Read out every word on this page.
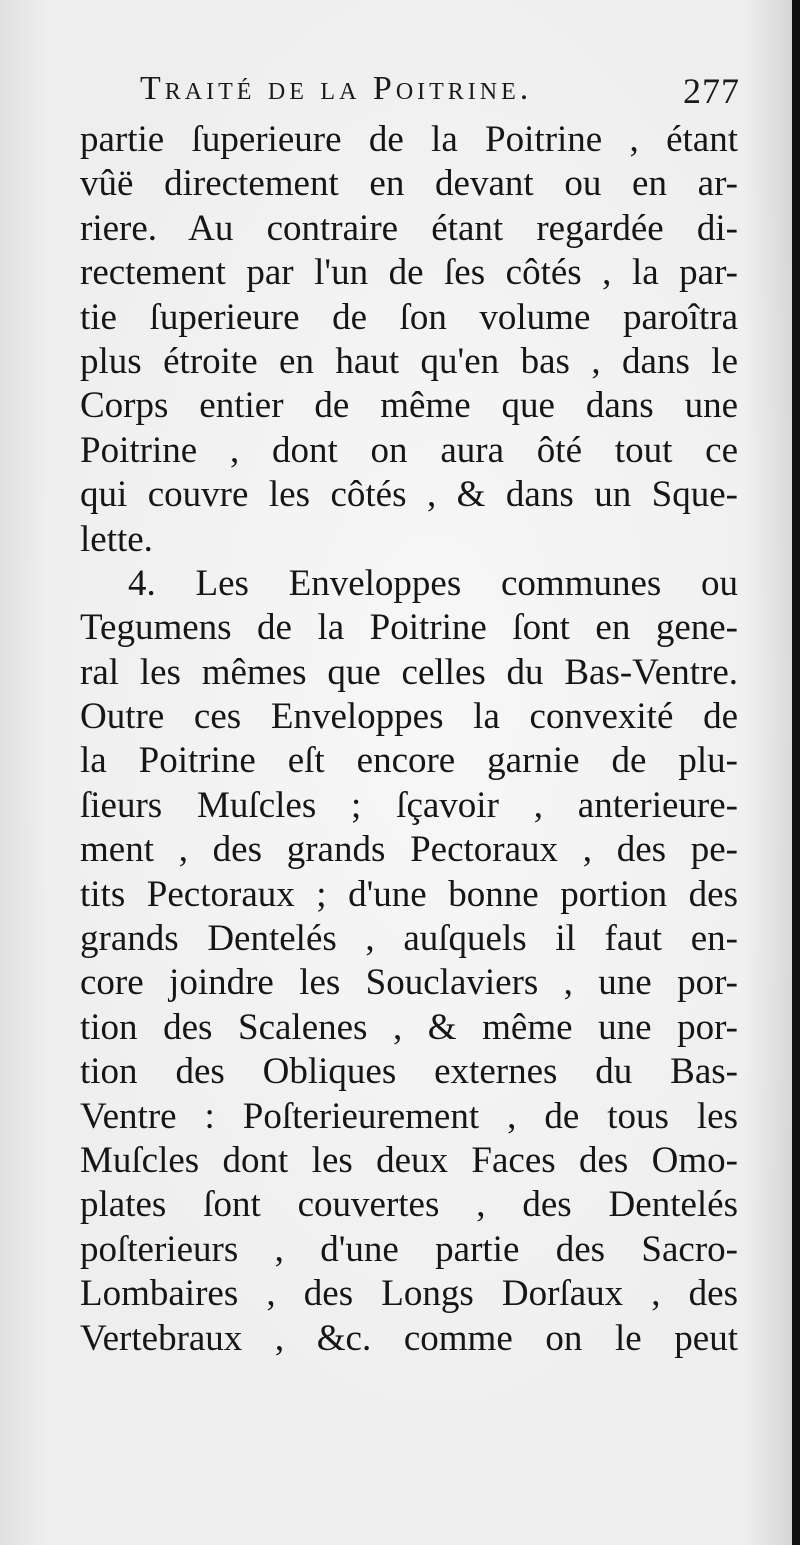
Traité de la Poitrine.	277
partie ſuperieure de la Poitrine , étant
vûë directement en devant ou en ar-
riere. Au contraire étant regardée di-
rectement par l'un de ſes côtés , la par-
tie ſuperieure de ſon volume paroîtra
plus étroite en haut qu'en bas , dans le
Corps entier de même que dans une
Poitrine , dont on aura ôté tout ce
qui couvre les côtés , & dans un Sque-
lette.
4. Les Enveloppes communes ou
Tegumens de la Poitrine ſont en gene-
ral les mêmes que celles du Bas-Ventre.
Outre ces Enveloppes la convexité de
la Poitrine eſt encore garnie de plu-
ſieurs Muſcles ; ſçavoir , anterieure-
ment , des grands Pectoraux , des pe-
tits Pectoraux ; d'une bonne portion des
grands Dentelés , auſquels il faut en-
core joindre les Souclaviers , une por-
tion des Scalenes , & même une por-
tion des Obliques externes du Bas-
Ventre : Poſterieurement , de tous les
Muſcles dont les deux Faces des Omo-
plates ſont couvertes , des Dentelés
poſterieurs , d'une partie des Sacro-
Lombaires , des Longs Dorſaux , des
Vertebraux , &c. comme on le peut
